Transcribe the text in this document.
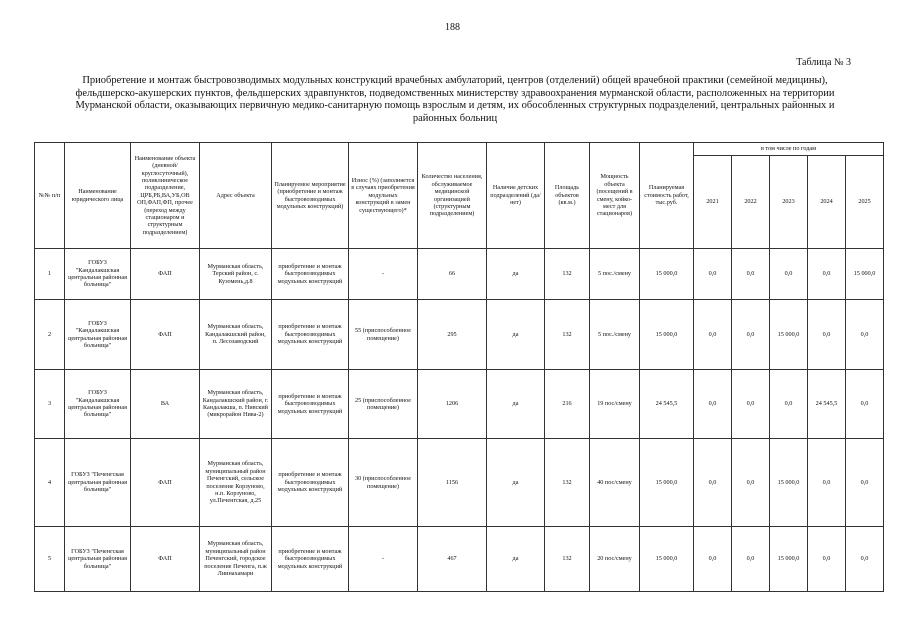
188
Таблица № 3
Приобретение и монтаж быстровозводимых модульных конструкций врачебных амбулаторий, центров (отделений) общей врачебной практики (семейной медицины), фельдшерско-акушерских пунктов, фельдшерских здравпунктов, подведомственных министерству здравоохранения мурманской области, расположенных на территории Мурманской области, оказывающих первичную медико-санитарную помощь взрослым и детям, их обособленных структурных подразделений, центральных районных и районных больниц
№№ п/п	Наименование юридического лица	Наименование объекта (дневной/ круглосуточный), поликлиническое подразделение, ЦРБ,РБ,ВА,УБ,ОВ ОП,ФАП,ФП, прочее (переход между стационаром и структурным подразделением)	Адрес объекта	Планируемое мероприятие (приобретение и монтаж быстровозводимых модульных конструкций)	Износ (%) (заполняется в случаях приобретения модульных конструкций в замен существующего)*	Количество населения, обслуживаемое медицинской организацией (структурным подразделением)	Наличие детских подразделений (да/нет)	Площадь объектов (кв.м.)	Мощность объекта (посещений в смену, койко-мест для стационаров)	Планируемая стоимость работ, тыс.руб.	в том числе по годам				
											2021	2022	2023	2024	2025
1	ГОБУЗ "Кандалакшская центральная районная больница"	ФАП	Мурманская область, Терский район, с. Кузомень,д.8	приобретение и монтаж быстровозводимых модульных конструкций	-	66	да	132	5 пос./смену	15 000,0	0,0	0,0	0,0	0,0	15 000,0
2	ГОБУЗ "Кандалакшская центральная районная больница"	ФАП	Мурманская область, Кандалакшский район, п. Лесозаводский	приобретение и монтаж быстровозводимых модульных конструкций	55 (приспособленное помещение)	295	да	132	5 пос./смену	15 000,0	0,0	0,0	15 000,0	0,0	0,0
3	ГОБУЗ "Кандалакшская центральная районная больница"	ВА	Мурманская область, Кандалакшский район, г. Кандалакша, п. Нивский (микрорайон Нива-2)	приобретение и монтаж быстровозводимых модульных конструкций	25 (приспособленное помещение)	1206	да	216	19 пос/смену	24 545,5	0,0	0,0	0,0	24 545,5	0,0
4	ГОБУЗ "Печенгская центральная районная больница"	ФАП	Мурманская область, муниципальный район Печенгский, сельское поселение Корзуново, н.п. Корзуново, ул.Печенгская, д.25	приобретение и монтаж быстровозводимых модульных конструкций	30 (приспособленное помещение)	1156	да	132	40 пос/смену	15 000,0	0,0	0,0	15 000,0	0,0	0,0
5	ГОБУЗ "Печенгская центральная районная больница"	ФАП	Мурманская область, муниципальный район Печенгский, городское поселение Печенга, п.ж Лиинахамари	приобретение и монтаж быстровозводимых модульных конструкций	-	467	да	132	20 пос/смену	15 000,0	0,0	0,0	15 000,0	0,0	0,0
